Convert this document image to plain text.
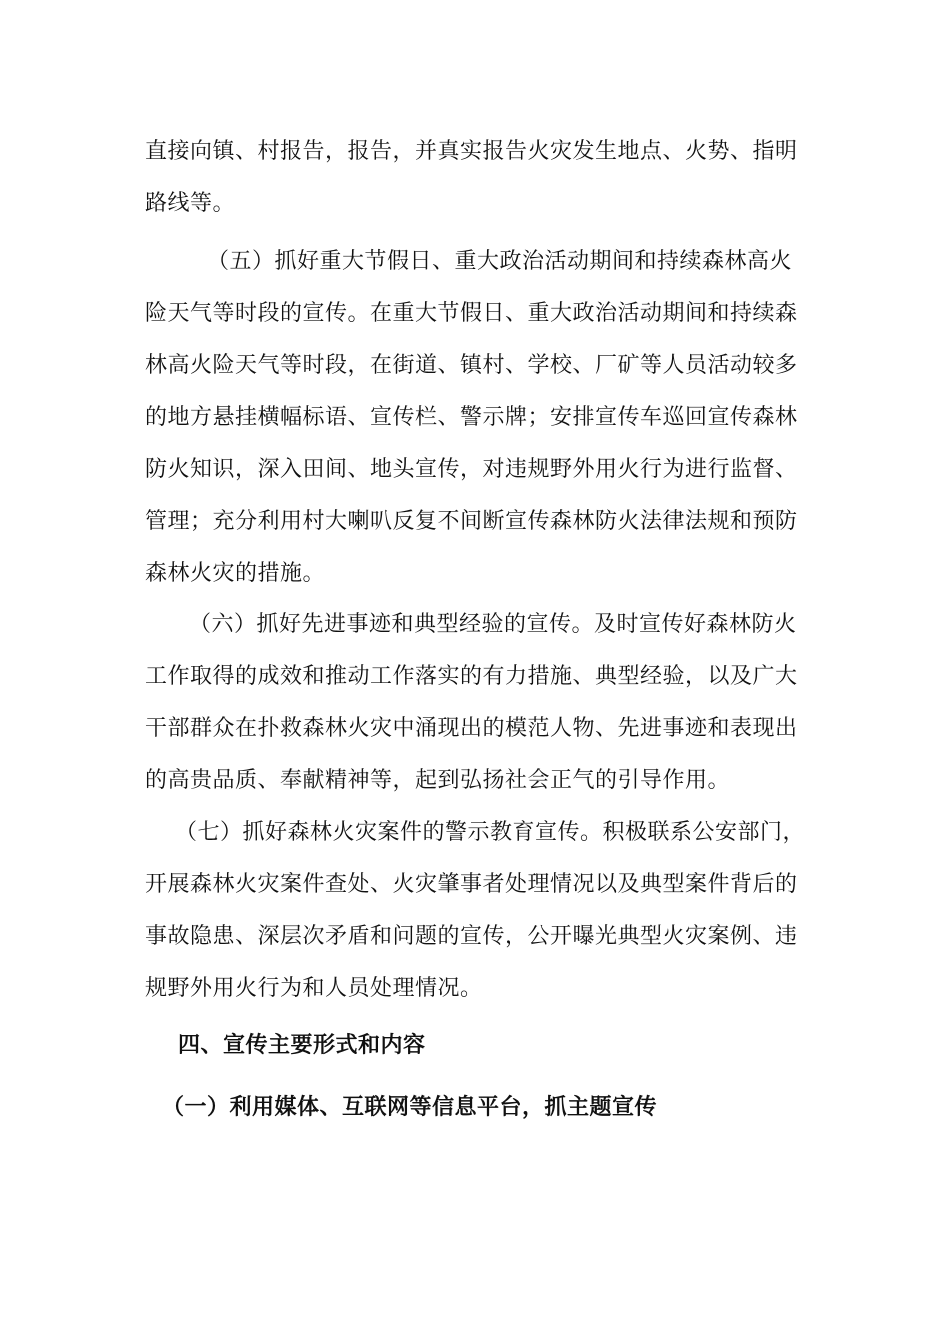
直接向镇、村报告，报告，并真实报告火灾发生地点、火势、指明路线等。

（五）抓好重大节假日、重大政治活动期间和持续森林高火险天气等时段的宣传。在重大节假日、重大政治活动期间和持续森林高火险天气等时段，在街道、镇村、学校、厂矿等人员活动较多的地方悬挂横幅标语、宣传栏、警示牌；安排宣传车巡回宣传森林防火知识，深入田间、地头宣传，对违规野外用火行为进行监督、管理；充分利用村大喇叭反复不间断宣传森林防火法律法规和预防森林火灾的措施。

（六）抓好先进事迹和典型经验的宣传。及时宣传好森林防火工作取得的成效和推动工作落实的有力措施、典型经验，以及广大干部群众在扑救森林火灾中涌现出的模范人物、先进事迹和表现出的高贵品质、奉献精神等，起到弘扬社会正气的引导作用。

（七）抓好森林火灾案件的警示教育宣传。积极联系公安部门，开展森林火灾案件查处、火灾肇事者处理情况以及典型案件背后的事故隐患、深层次矛盾和问题的宣传，公开曝光典型火灾案例、违规野外用火行为和人员处理情况。

四、宣传主要形式和内容

（一）利用媒体、互联网等信息平台，抓主题宣传
